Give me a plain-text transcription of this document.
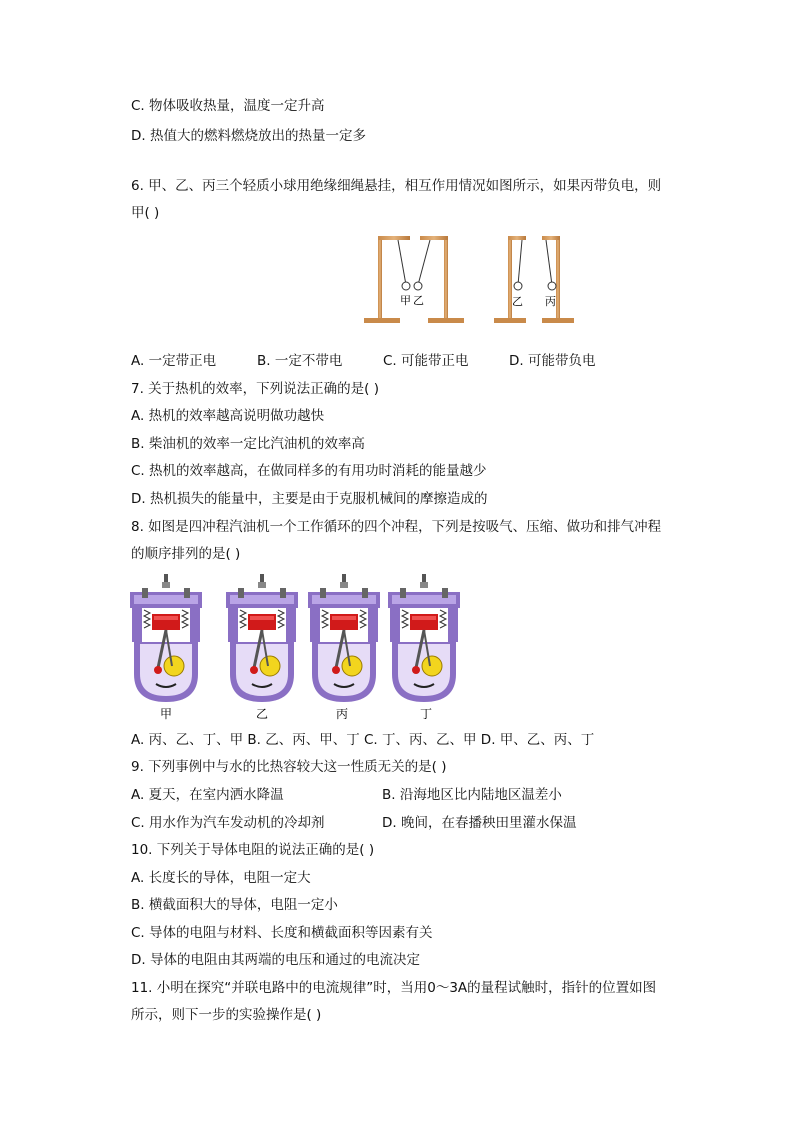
C. 物体吸收热量，温度一定升高
D. 热值大的燃料燃烧放出的热量一定多
6. 甲、乙、丙三个轻质小球用绝缘细绳悬挂，相互作用情况如图所示，如果丙带负电，则
甲( )
甲 乙	乙 丙
A. 一定带正电	B. 一定不带电	C. 可能带正电	D. 可能带负电
7. 关于热机的效率，下列说法正确的是( )
A. 热机的效率越高说明做功越快
B. 柴油机的效率一定比汽油机的效率高
C. 热机的效率越高，在做同样多的有用功时消耗的能量越少
D. 热机损失的能量中，主要是由于克服机械间的摩擦造成的
8. 如图是四冲程汽油机一个工作循环的四个冲程，下列是按吸气、压缩、做功和排气冲程
的顺序排列的是( )
甲	乙	丙	丁
A. 丙、乙、丁、甲 B. 乙、丙、甲、丁 C. 丁、丙、乙、甲 D. 甲、乙、丙、丁
9. 下列事例中与水的比热容较大这一性质无关的是( )
A. 夏天，在室内洒水降温	B. 沿海地区比内陆地区温差小
C. 用水作为汽车发动机的冷却剂	D. 晚间，在春播秧田里灌水保温
10. 下列关于导体电阻的说法正确的是( )
A. 长度长的导体，电阻一定大
B. 横截面积大的导体，电阻一定小
C. 导体的电阻与材料、长度和横截面积等因素有关
D. 导体的电阻由其两端的电压和通过的电流决定
11. 小明在探究“并联电路中的电流规律”时，当用0～3A的量程试触时，指针的位置如图
所示，则下一步的实验操作是( )
